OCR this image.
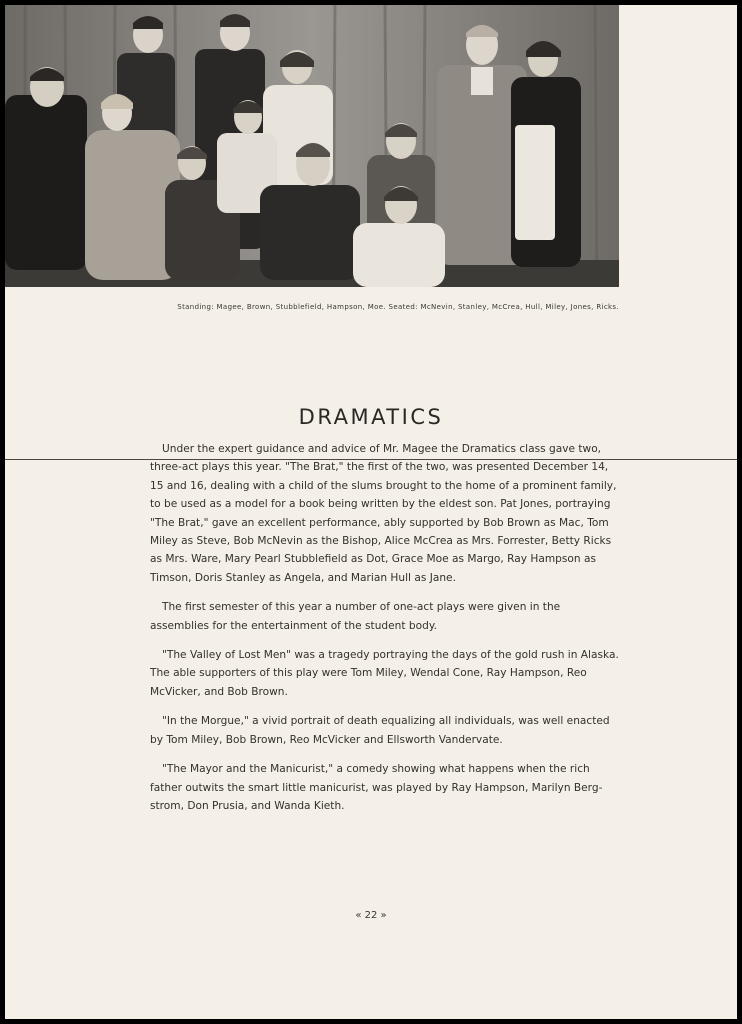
Standing: Magee, Brown, Stubblefield, Hampson, Moe. Seated: McNevin, Stanley, McCrea, Hull, Miley, Jones, Ricks.
DRAMATICS

Under the expert guidance and advice of Mr. Magee the Dramatics class gave two, three-act plays this year. "The Brat," the first of the two, was presented December 14, 15 and 16, dealing with a child of the slums brought to the home of a prominent family, to be used as a model for a book being written by the eldest son. Pat Jones, portraying "The Brat," gave an excellent performance, ably supported by Bob Brown as Mac, Tom Miley as Steve, Bob McNevin as the Bishop, Alice McCrea as Mrs. Forrester, Betty Ricks as Mrs. Ware, Mary Pearl Stubblefield as Dot, Grace Moe as Margo, Ray Hampson as Timson, Doris Stanley as Angela, and Marian Hull as Jane.

The first semester of this year a number of one-act plays were given in the assemblies for the entertainment of the student body.

"The Valley of Lost Men" was a tragedy portraying the days of the gold rush in Alaska. The able supporters of this play were Tom Miley, Wendal Cone, Ray Hampson, Reo McVicker, and Bob Brown.

"In the Morgue," a vivid portrait of death equalizing all individuals, was well enacted by Tom Miley, Bob Brown, Reo McVicker and Ellsworth Vandervate.

"The Mayor and the Manicurist," a comedy showing what happens when the rich father outwits the smart little manicurist, was played by Ray Hampson, Marilyn Berg-strom, Don Prusia, and Wanda Kieth.

« 22 »
